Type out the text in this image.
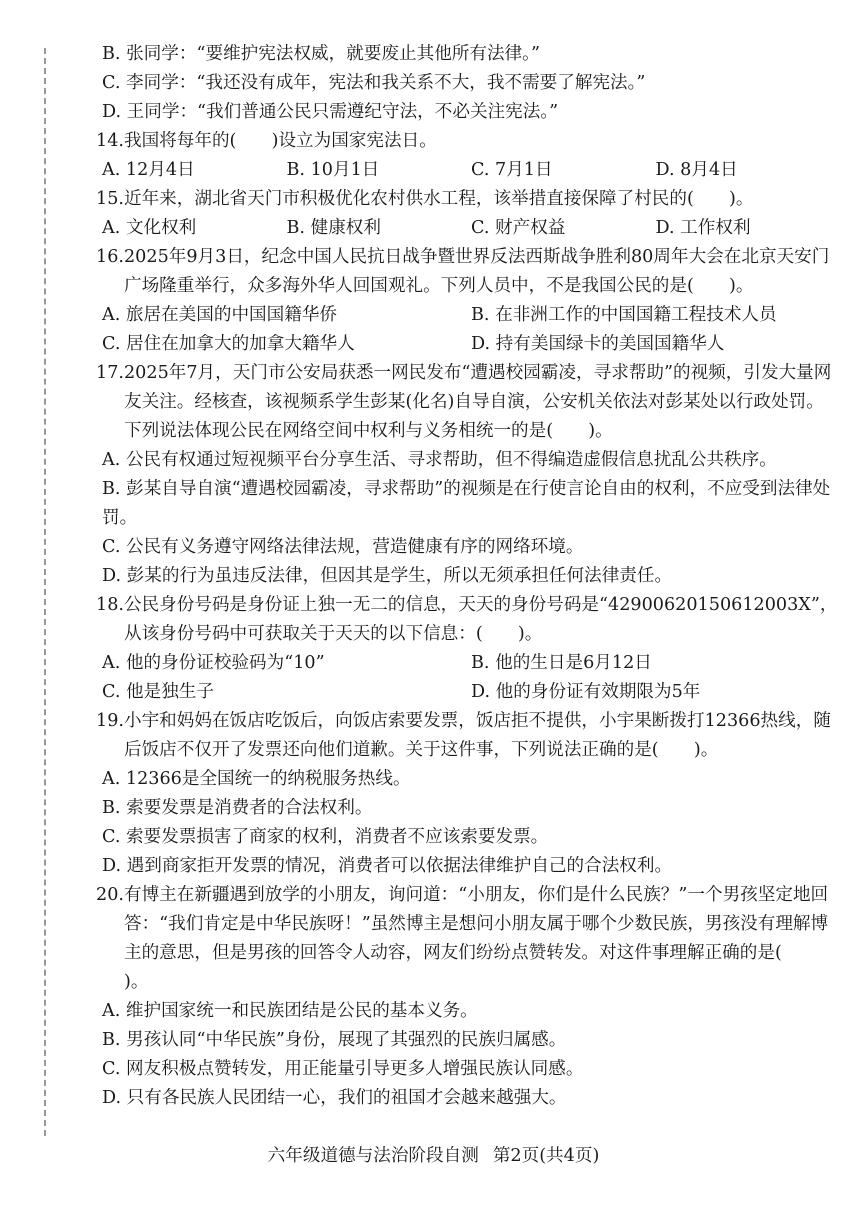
B. 张同学：“要维护宪法权威，就要废止其他所有法律。”

C. 李同学：“我还没有成年，宪法和我关系不大，我不需要了解宪法。”

D. 王同学：“我们普通公民只需遵纪守法，不必关注宪法。”

14. 我国将每年的(　　)设立为国家宪法日。
A. 12月4日	B. 10月1日	C. 7月1日	D. 8月4日
15. 近年来，湖北省天门市积极优化农村供水工程，该举措直接保障了村民的(　　)。
A. 文化权利	B. 健康权利	C. 财产权益	D. 工作权利
16. 2025年9月3日，纪念中国人民抗日战争暨世界反法西斯战争胜利80周年大会在北京天安门广场隆重举行，众多海外华人回国观礼。下列人员中，不是我国公民的是(　　)。
A. 旅居在美国的中国国籍华侨	B. 在非洲工作的中国国籍工程技术人员
C. 居住在加拿大的加拿大籍华人	D. 持有美国绿卡的美国国籍华人
17. 2025年7月，天门市公安局获悉一网民发布“遭遇校园霸凌，寻求帮助”的视频，引发大量网友关注。经核查，该视频系学生彭某(化名)自导自演，公安机关依法对彭某处以行政处罚。下列说法体现公民在网络空间中权利与义务相统一的是(　　)。

A. 公民有权通过短视频平台分享生活、寻求帮助，但不得编造虚假信息扰乱公共秩序。

B. 彭某自导自演“遭遇校园霸凌，寻求帮助”的视频是在行使言论自由的权利，不应受到法律处罚。

C. 公民有义务遵守网络法律法规，营造健康有序的网络环境。

D. 彭某的行为虽违反法律，但因其是学生，所以无须承担任何法律责任。

18. 公民身份号码是身份证上独一无二的信息，天天的身份号码是“42900620150612003X”，从该身份号码中可获取关于天天的以下信息：(　　)。
A. 他的身份证校验码为“10”	B. 他的生日是6月12日
C. 他是独生子	D. 他的身份证有效期限为5年
19. 小宇和妈妈在饭店吃饭后，向饭店索要发票，饭店拒不提供，小宇果断拨打12366热线，随后饭店不仅开了发票还向他们道歉。关于这件事，下列说法正确的是(　　)。

A. 12366是全国统一的纳税服务热线。

B. 索要发票是消费者的合法权利。

C. 索要发票损害了商家的权利，消费者不应该索要发票。

D. 遇到商家拒开发票的情况，消费者可以依据法律维护自己的合法权利。

20. 有博主在新疆遇到放学的小朋友，询问道：“小朋友，你们是什么民族？”一个男孩坚定地回答：“我们肯定是中华民族呀！”虽然博主是想问小朋友属于哪个少数民族，男孩没有理解博主的意思，但是男孩的回答令人动容，网友们纷纷点赞转发。对这件事理解正确的是(　　)。

A. 维护国家统一和民族团结是公民的基本义务。

B. 男孩认同“中华民族”身份，展现了其强烈的民族归属感。

C. 网友积极点赞转发，用正能量引导更多人增强民族认同感。

D. 只有各民族人民团结一心，我们的祖国才会越来越强大。

六年级道德与法治阶段自测 第2页(共4页)
